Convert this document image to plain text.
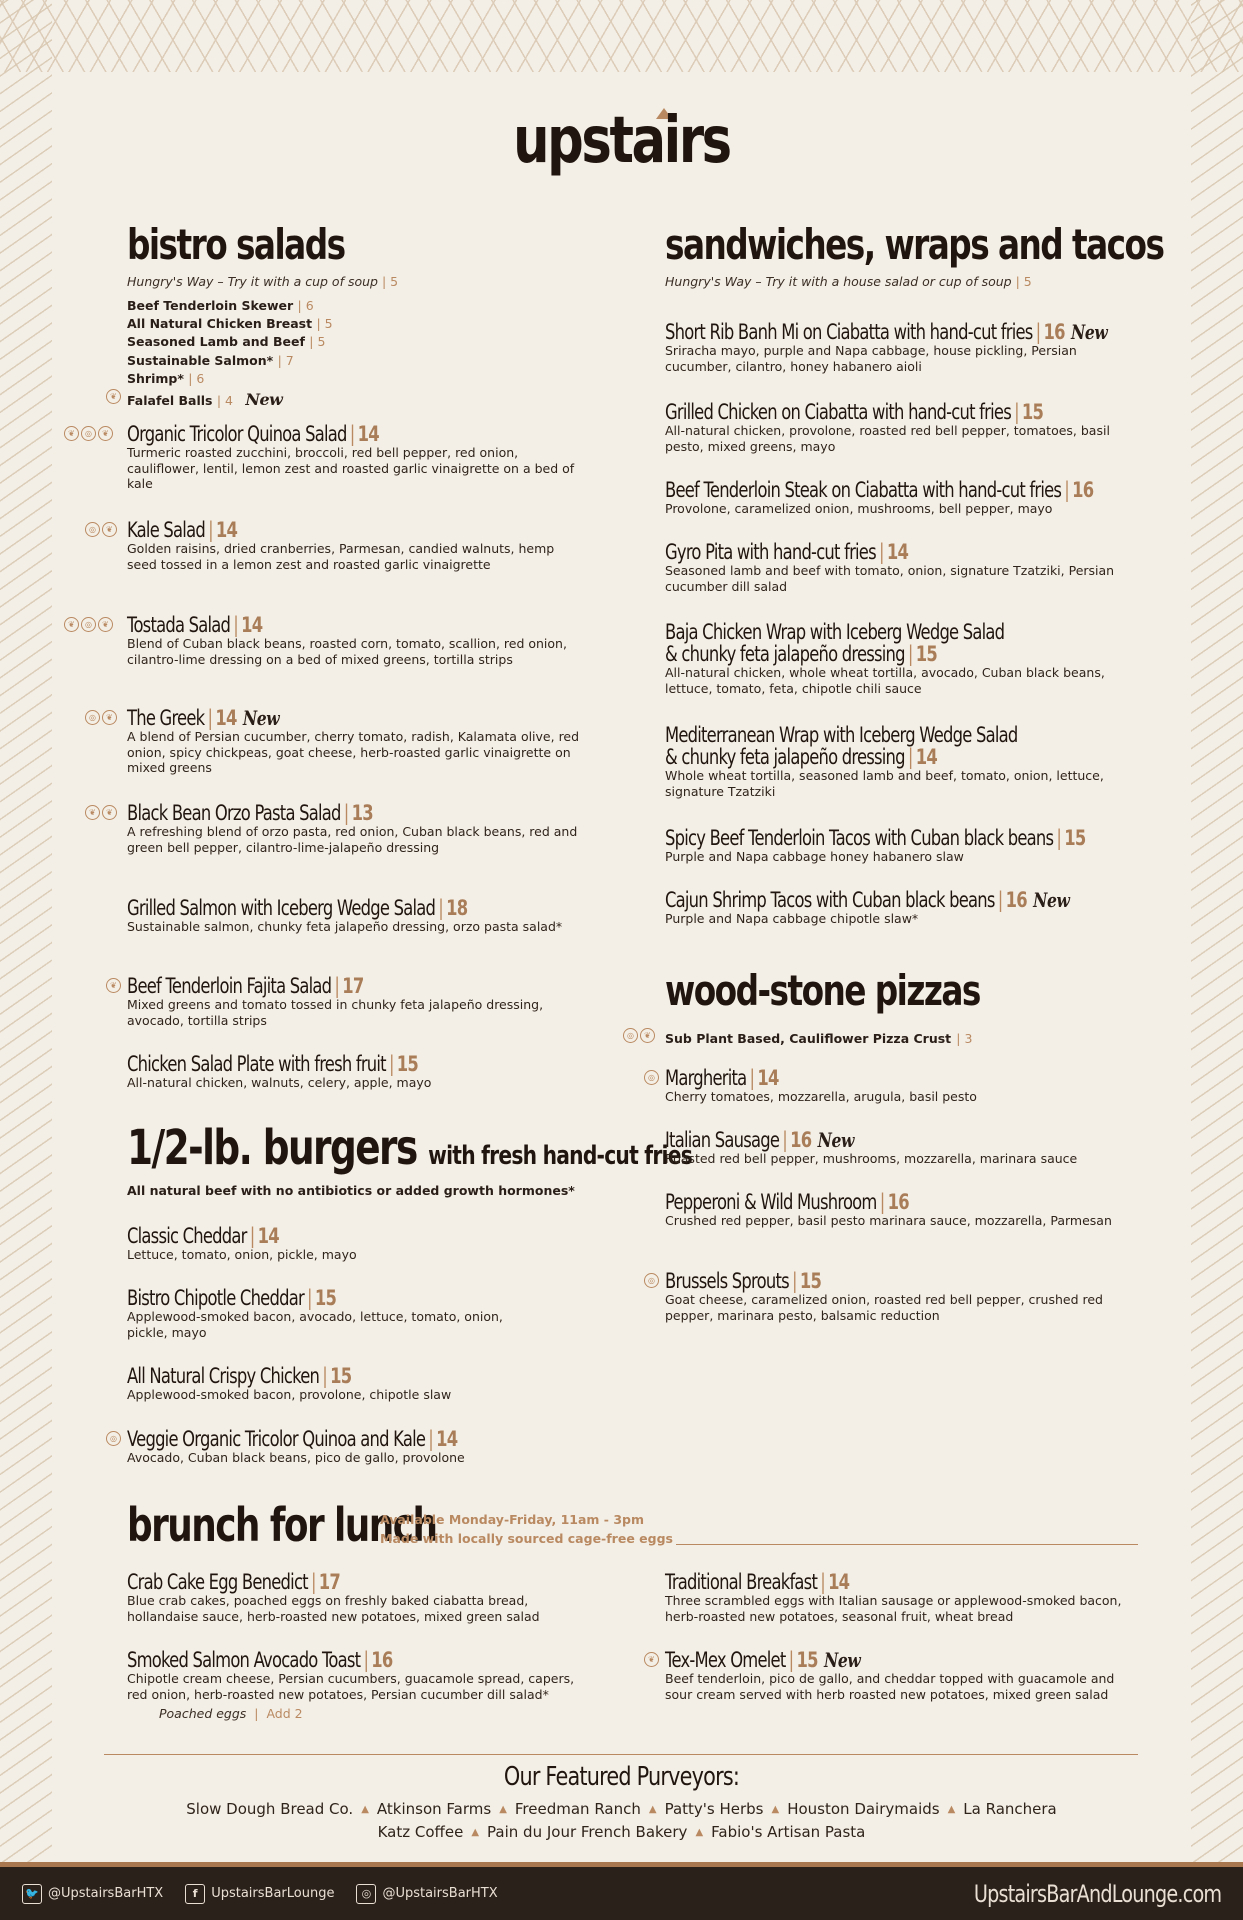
upstairs
bistro salads
Hungry's Way – Try it with a cup of soup | 5
Beef Tenderloin Skewer | 6
All Natural Chicken Breast | 5
Seasoned Lamb and Beef | 5
Sustainable Salmon* | 7
Shrimp* | 6
❦ Falafel Balls | 4 New
❦	◎	❦ Organic Tricolor Quinoa Salad | 14
Turmeric roasted zucchini, broccoli, red bell pepper, red onion, cauliflower, lentil, lemon zest and roasted garlic vinaigrette on a bed of kale
◎	❦ Kale Salad | 14
Golden raisins, dried cranberries, Parmesan, candied walnuts, hemp seed tossed in a lemon zest and roasted garlic vinaigrette
❦	◎	❦ Tostada Salad | 14
Blend of Cuban black beans, roasted corn, tomato, scallion, red onion, cilantro-lime dressing on a bed of mixed greens, tortilla strips
◎	❦ The Greek | 14 New
A blend of Persian cucumber, cherry tomato, radish, Kalamata olive, red onion, spicy chickpeas, goat cheese, herb-roasted garlic vinaigrette on mixed greens
❦	❦ Black Bean Orzo Pasta Salad | 13
A refreshing blend of orzo pasta, red onion, Cuban black beans, red and green bell pepper, cilantro-lime-jalapeño dressing
Grilled Salmon with Iceberg Wedge Salad | 18
Sustainable salmon, chunky feta jalapeño dressing, orzo pasta salad*
❦ Beef Tenderloin Fajita Salad | 17
Mixed greens and tomato tossed in chunky feta jalapeño dressing, avocado, tortilla strips
Chicken Salad Plate with fresh fruit | 15
All-natural chicken, walnuts, celery, apple, mayo
1/2-lb. burgers with fresh hand-cut fries
All natural beef with no antibiotics or added growth hormones*
Classic Cheddar | 14
Lettuce, tomato, onion, pickle, mayo
Bistro Chipotle Cheddar | 15
Applewood-smoked bacon, avocado, lettuce, tomato, onion, pickle, mayo
All Natural Crispy Chicken | 15
Applewood-smoked bacon, provolone, chipotle slaw
◎ Veggie Organic Tricolor Quinoa and Kale | 14
Avocado, Cuban black beans, pico de gallo, provolone
sandwiches, wraps and tacos
Hungry's Way – Try it with a house salad or cup of soup | 5
Short Rib Banh Mi on Ciabatta with hand-cut fries | 16 New
Sriracha mayo, purple and Napa cabbage, house pickling, Persian cucumber, cilantro, honey habanero aioli
Grilled Chicken on Ciabatta with hand-cut fries | 15
All-natural chicken, provolone, roasted red bell pepper, tomatoes, basil pesto, mixed greens, mayo
Beef Tenderloin Steak on Ciabatta with hand-cut fries | 16
Provolone, caramelized onion, mushrooms, bell pepper, mayo
Gyro Pita with hand-cut fries | 14
Seasoned lamb and beef with tomato, onion, signature Tzatziki, Persian cucumber dill salad
Baja Chicken Wrap with Iceberg Wedge Salad & chunky feta jalapeño dressing | 15
All-natural chicken, whole wheat tortilla, avocado, Cuban black beans, lettuce, tomato, feta, chipotle chili sauce
Mediterranean Wrap with Iceberg Wedge Salad & chunky feta jalapeño dressing | 14
Whole wheat tortilla, seasoned lamb and beef, tomato, onion, lettuce, signature Tzatziki
Spicy Beef Tenderloin Tacos with Cuban black beans | 15
Purple and Napa cabbage honey habanero slaw
Cajun Shrimp Tacos with Cuban black beans | 16 New
Purple and Napa cabbage chipotle slaw*
wood-stone pizzas
◎	❦	Sub Plant Based, Cauliflower Pizza Crust | 3
◎ Margherita | 14
Cherry tomatoes, mozzarella, arugula, basil pesto
Italian Sausage | 16 New
Roasted red bell pepper, mushrooms, mozzarella, marinara sauce
Pepperoni & Wild Mushroom | 16
Crushed red pepper, basil pesto marinara sauce, mozzarella, Parmesan
◎ Brussels Sprouts | 15
Goat cheese, caramelized onion, roasted red bell pepper, crushed red pepper, marinara pesto, balsamic reduction
brunch for lunch
Available Monday-Friday, 11am - 3pm
Made with locally sourced cage-free eggs
Crab Cake Egg Benedict | 17
Blue crab cakes, poached eggs on freshly baked ciabatta bread, hollandaise sauce, herb-roasted new potatoes, mixed green salad
Smoked Salmon Avocado Toast | 16
Chipotle cream cheese, Persian cucumbers, guacamole spread, capers, red onion, herb-roasted new potatoes, Persian cucumber dill salad*
Poached eggs | Add 2
Traditional Breakfast | 14
Three scrambled eggs with Italian sausage or applewood-smoked bacon, herb-roasted new potatoes, seasonal fruit, wheat bread
❦ Tex-Mex Omelet | 15 New
Beef tenderloin, pico de gallo, and cheddar topped with guacamole and sour cream served with herb roasted new potatoes, mixed green salad
Our Featured Purveyors:
Slow Dough Bread Co. ▲ Atkinson Farms ▲ Freedman Ranch ▲ Patty's Herbs ▲ Houston Dairymaids ▲ La Ranchera
Katz Coffee ▲ Pain du Jour French Bakery ▲ Fabio's Artisan Pasta
🐦 @UpstairsBarHTX	f	UpstairsBarLounge	◎ @UpstairsBarHTX	UpstairsBarAndLounge.com
